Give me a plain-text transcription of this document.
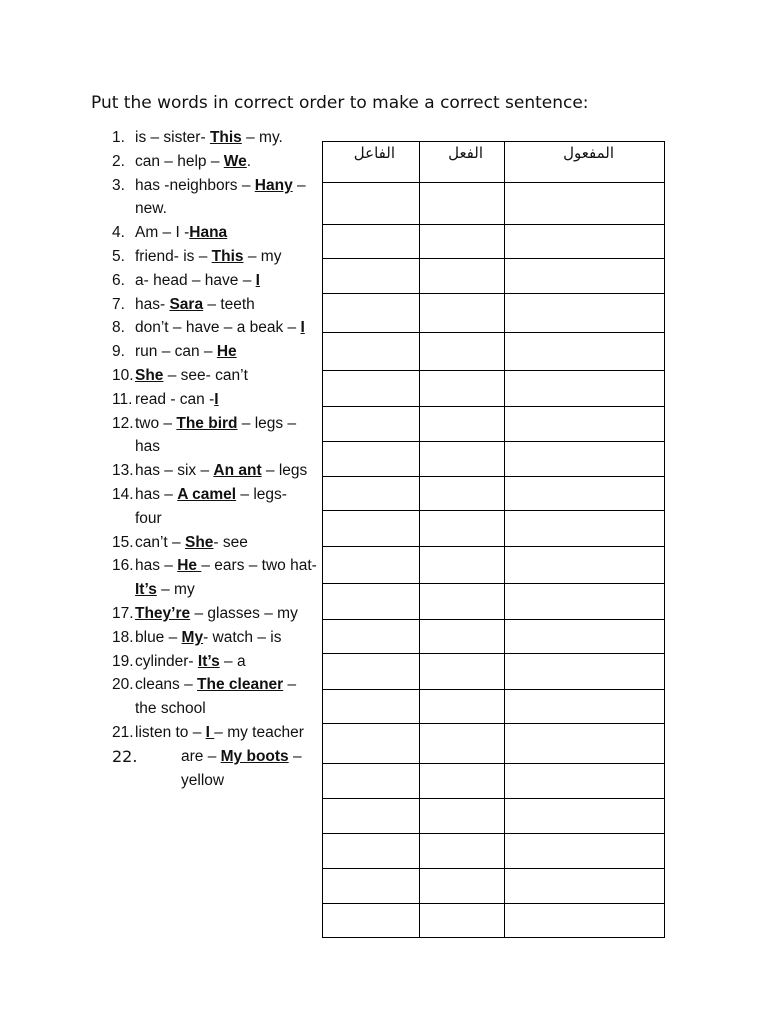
Put the words in correct order to make a correct sentence:
1. is – sister- This – my.
2. can – help – We.
3. has -neighbors – Hany – new.
4. Am – I -Hana
5. friend- is – This – my
6. a- head – have – I
7. has- Sara – teeth
8. don’t – have – a beak – I
9. run – can – He
10. She – see- can’t
11. read - can -I
12. two – The bird – legs – has
13. has – six – An ant – legs
14. has – A camel – legs- four
15. can’t – She- see
16. has – He – ears – two hat- It’s – my
17. They’re – glasses – my
18. blue – My- watch – is
19. cylinder- It’s – a
20. cleans – The cleaner – the school
21. listen to – I – my teacher
22.	are – My boots – yellow
الفاعل	الفعل	المفعول
